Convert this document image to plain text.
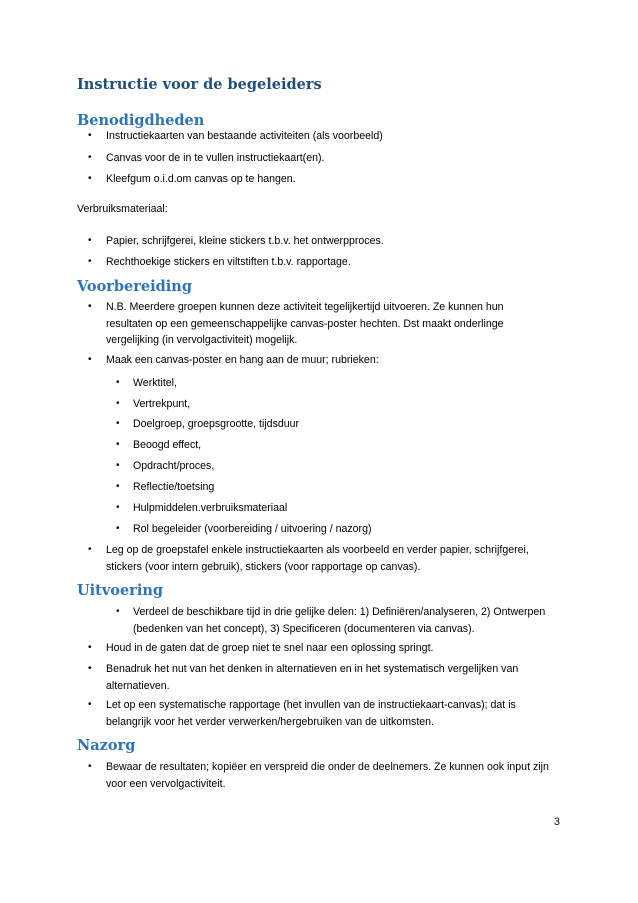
Instructie voor de begeleiders
Benodigdheden
• Instructiekaarten van bestaande activiteiten (als voorbeeld)
• Canvas voor de in te vullen instructiekaart(en).
• Kleefgum o.i.d.om canvas op te hangen.
Verbruiksmateriaal:
• Papier, schrijfgerei, kleine stickers t.b.v. het ontwerpproces.
• Rechthoekige stickers en viltstiften t.b.v. rapportage.
Voorbereiding
• N.B. Meerdere groepen kunnen deze activiteit tegelijkertijd uitvoeren. Ze kunnen hun
resultaten op een gemeenschappelijke canvas-poster hechten. Dst maakt onderlinge
vergelijking (in vervolgactiviteit) mogelijk.
• Maak een canvas-poster en hang aan de muur; rubrieken:
• Werktitel,
• Vertrekpunt,
• Doelgroep, groepsgrootte, tijdsduur
• Beoogd effect,
• Opdracht/proces,
• Reflectie/toetsing
• Hulpmiddelen.verbruiksmateriaal
• Rol begeleider (voorbereiding / uitvoering / nazorg)
• Leg op de groepstafel enkele instructiekaarten als voorbeeld en verder papier, schrijfgerei,
stickers (voor intern gebruik), stickers (voor rapportage op canvas).
Uitvoering
• Verdeel de beschikbare tijd in drie gelijke delen: 1) Definiëren/analyseren, 2) Ontwerpen
(bedenken van het concept), 3) Specificeren (documenteren via canvas).
• Houd in de gaten dat de groep niet te snel naar een oplossing springt.
• Benadruk het nut van het denken in alternatieven en in het systematisch vergelijken van
alternatieven.
• Let op een systematische rapportage (het invullen van de instructiekaart-canvas); dat is
belangrijk voor het verder verwerken/hergebruiken van de uitkomsten.
Nazorg
• Bewaar de resultaten; kopiëer en verspreid die onder de deelnemers. Ze kunnen ook input zijn
voor een vervolgactiviteit.
3
